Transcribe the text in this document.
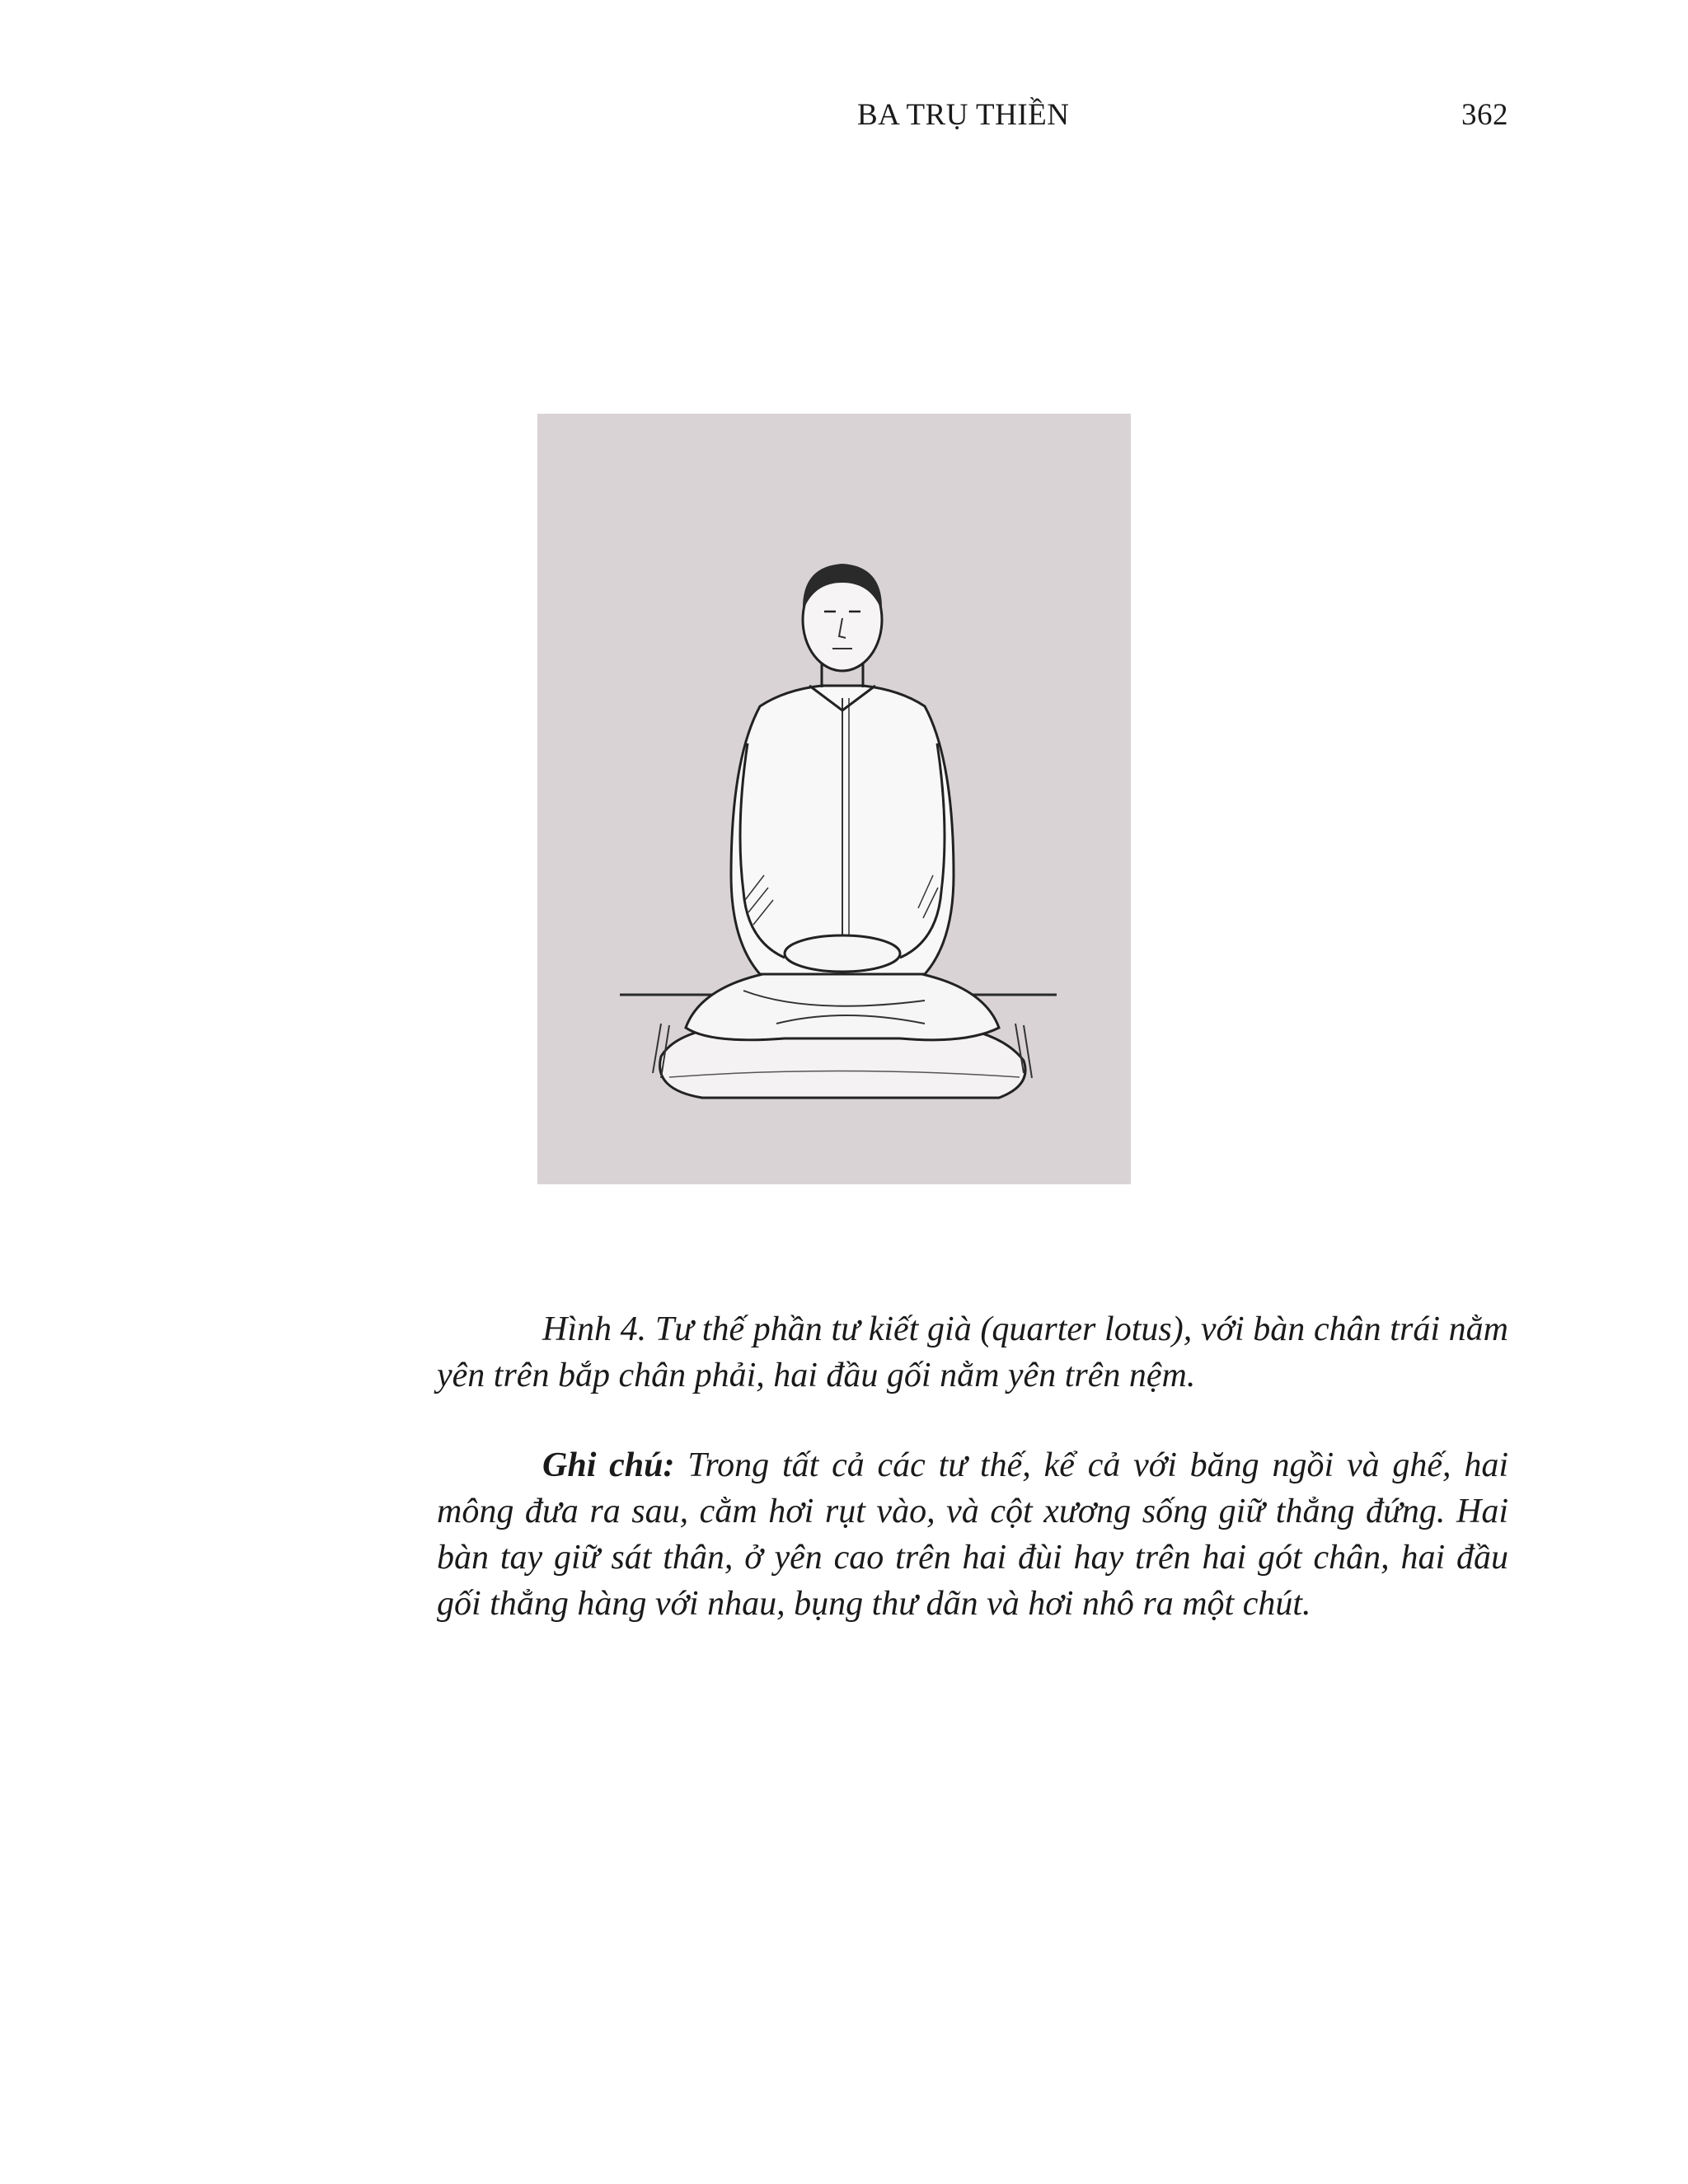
BA TRỤ THIỀN	362

Hình 4. Tư thế phần tư kiết già (quarter lotus), với bàn chân trái nằm yên trên bắp chân phải, hai đầu gối nằm yên trên nệm.

Ghi chú: Trong tất cả các tư thế, kể cả với băng ngồi và ghế, hai mông đưa ra sau, cằm hơi rụt vào, và cột xương sống giữ thẳng đứng. Hai bàn tay giữ sát thân, ở yên cao trên hai đùi hay trên hai gót chân, hai đầu gối thẳng hàng với nhau, bụng thư dãn và hơi nhô ra một chút.
